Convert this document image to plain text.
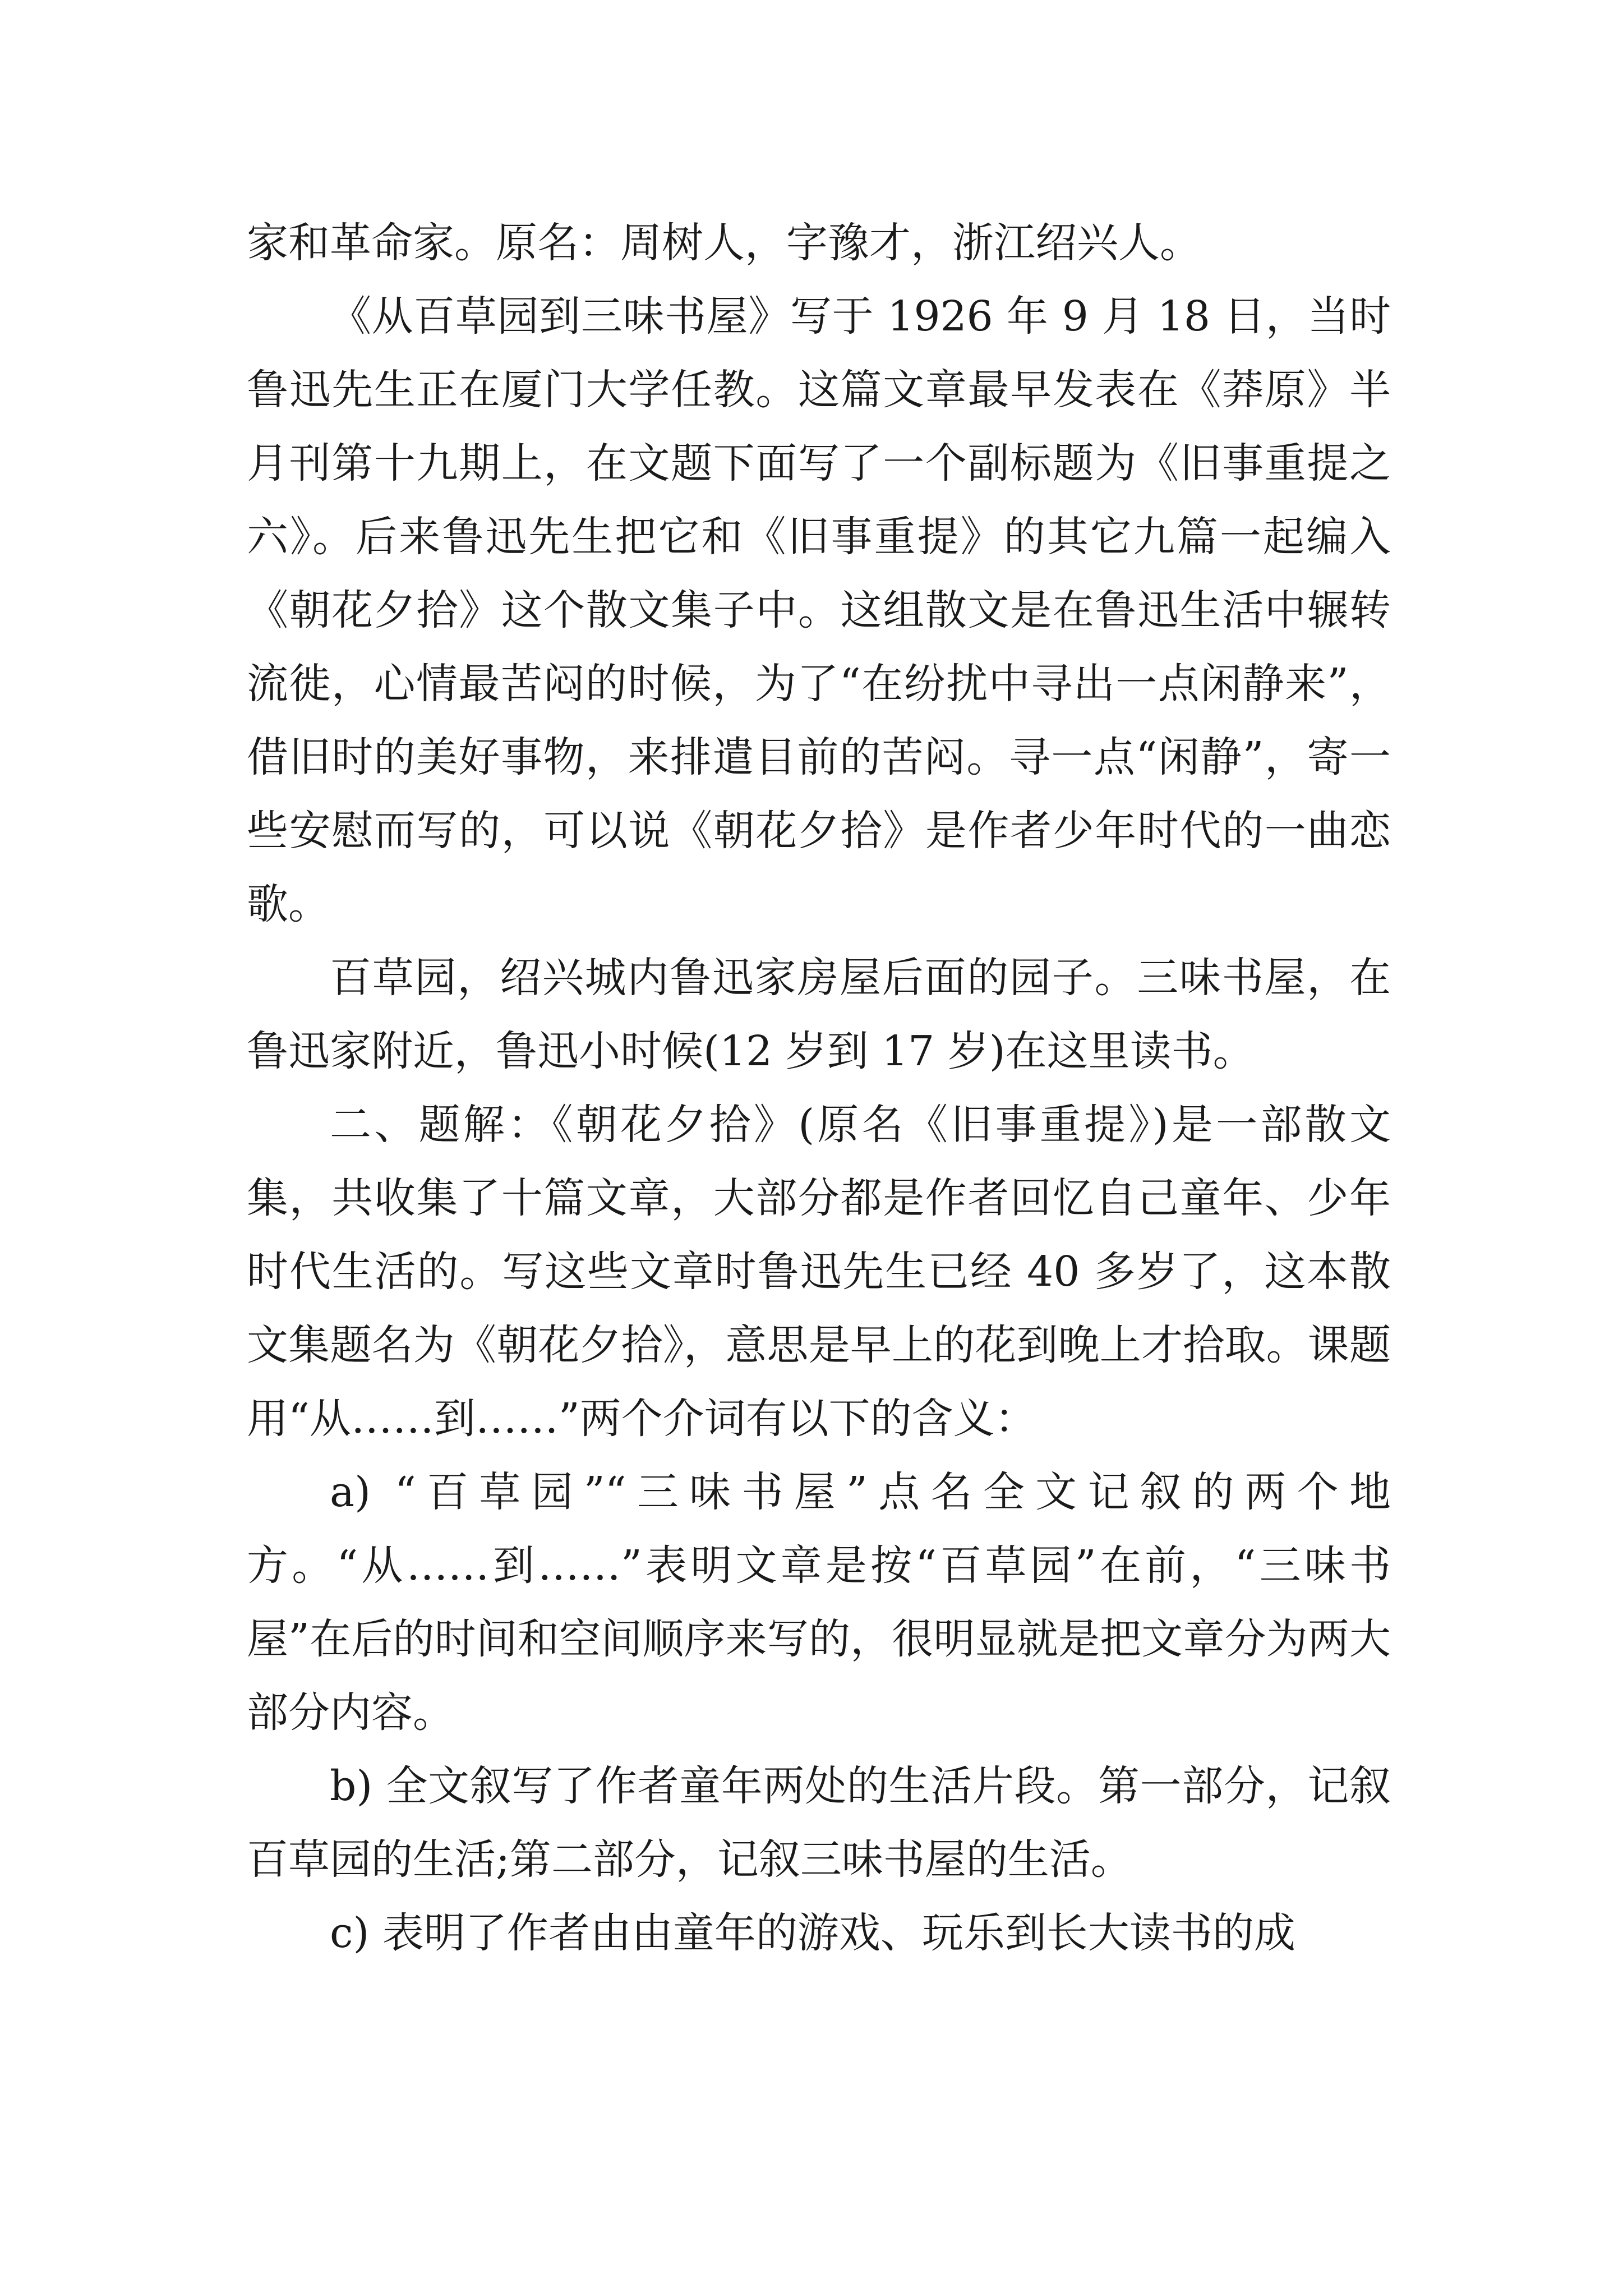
家和革命家。原名：周树人，字豫才，浙江绍兴人。

《从百草园到三味书屋》写于 1926 年 9 月 18 日，当时鲁迅先生正在厦门大学任教。这篇文章最早发表在《莽原》半月刊第十九期上，在文题下面写了一个副标题为《旧事重提之六》。后来鲁迅先生把它和《旧事重提》的其它九篇一起编入《朝花夕拾》这个散文集子中。这组散文是在鲁迅生活中辗转流徙，心情最苦闷的时候，为了“在纷扰中寻出一点闲静来”，借旧时的美好事物，来排遣目前的苦闷。寻一点“闲静”，寄一些安慰而写的，可以说《朝花夕拾》是作者少年时代的一曲恋歌。

百草园，绍兴城内鲁迅家房屋后面的园子。三味书屋，在鲁迅家附近，鲁迅小时候(12 岁到 17 岁)在这里读书。

二、题解：《朝花夕拾》(原名《旧事重提》)是一部散文集，共收集了十篇文章，大部分都是作者回忆自己童年、少年时代生活的。写这些文章时鲁迅先生已经 40 多岁了，这本散文集题名为《朝花夕拾》，意思是早上的花到晚上才拾取。课题用“从……到……”两个介词有以下的含义：

a) “百草园”“三味书屋”点名全文记叙的两个地方。“从……到……”表明文章是按“百草园”在前，“三味书屋”在后的时间和空间顺序来写的，很明显就是把文章分为两大部分内容。

b) 全文叙写了作者童年两处的生活片段。第一部分，记叙百草园的生活;第二部分，记叙三味书屋的生活。

c) 表明了作者由由童年的游戏、玩乐到长大读书的成
